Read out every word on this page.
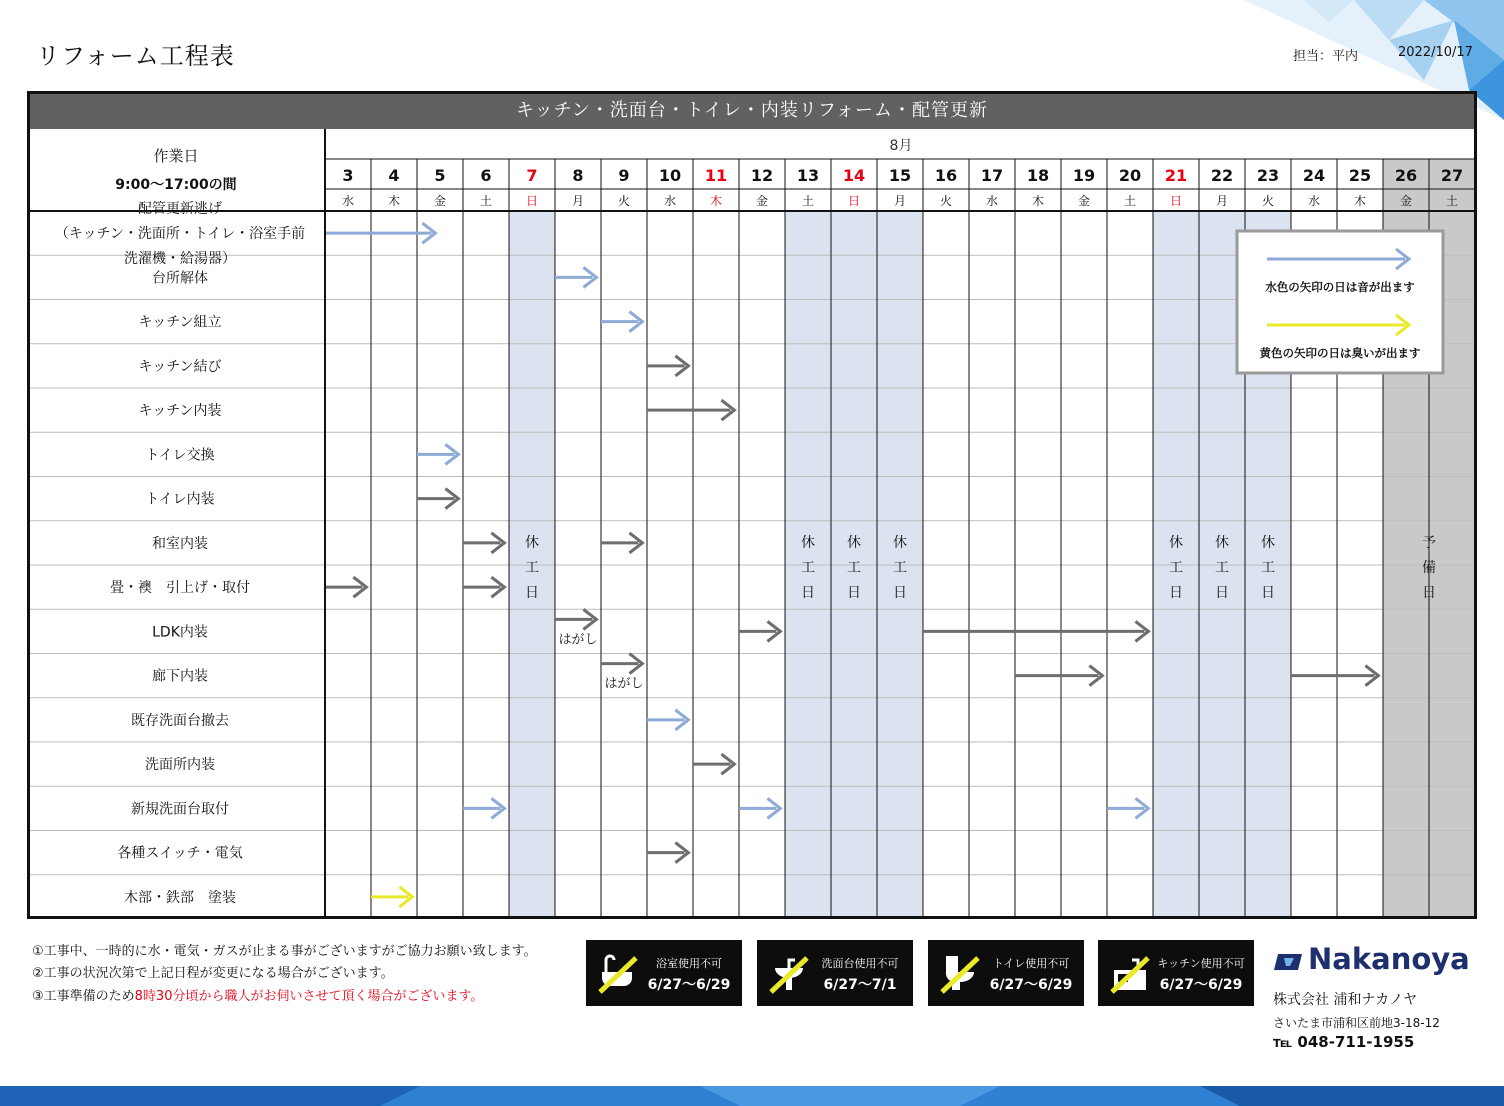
リフォーム工程表	担当：平内	2022/10/17
キッチン・洗面台・トイレ・内装リフォーム・配管更新
8月
3
水
4
木
5
金
6
土
7
日
8
月
9
火
10
水
11
木
12
金
13
土
14
日
15
月
16
火
17
水
18
木
19
金
20
土
21
日
22
月
23
火
24
水
25
木
26
金
27
土
作業日
9:00～17:00の間
休
工
日
休
工
日
休
工
日
休
工
日
休
工
日
休
工
日
休
工
日
予
備
日
配管更新逃げ
（キッチン・洗面所・トイレ・浴室手前
洗濯機・給湯器）
台所解体
キッチン組立
キッチン結び
キッチン内装
トイレ交換
トイレ内装
和室内装
畳・襖　引上げ・取付
LDK内装
廊下内装
既存洗面台撤去
洗面所内装
新規洗面台取付
各種スイッチ・電気
木部・鉄部　塗装
はがし
はがし
水色の矢印の日は音が出ます
黄色の矢印の日は臭いが出ます
①工事中、一時的に水・電気・ガスが止まる事がございますがご協力お願い致します。
②工事の状況次第で上記日程が変更になる場合がございます。
③工事準備のため8時30分頃から職人がお伺いさせて頂く場合がございます。
浴室使用不可
6/27～6/29
洗面台使用不可
6/27～7/1
トイレ使用不可
6/27～6/29
キッチン使用不可
6/27～6/29
Nakanoya
株式会社 浦和ナカノヤ
さいたま市浦和区前地3-18-12
℡ 048-711-1955
